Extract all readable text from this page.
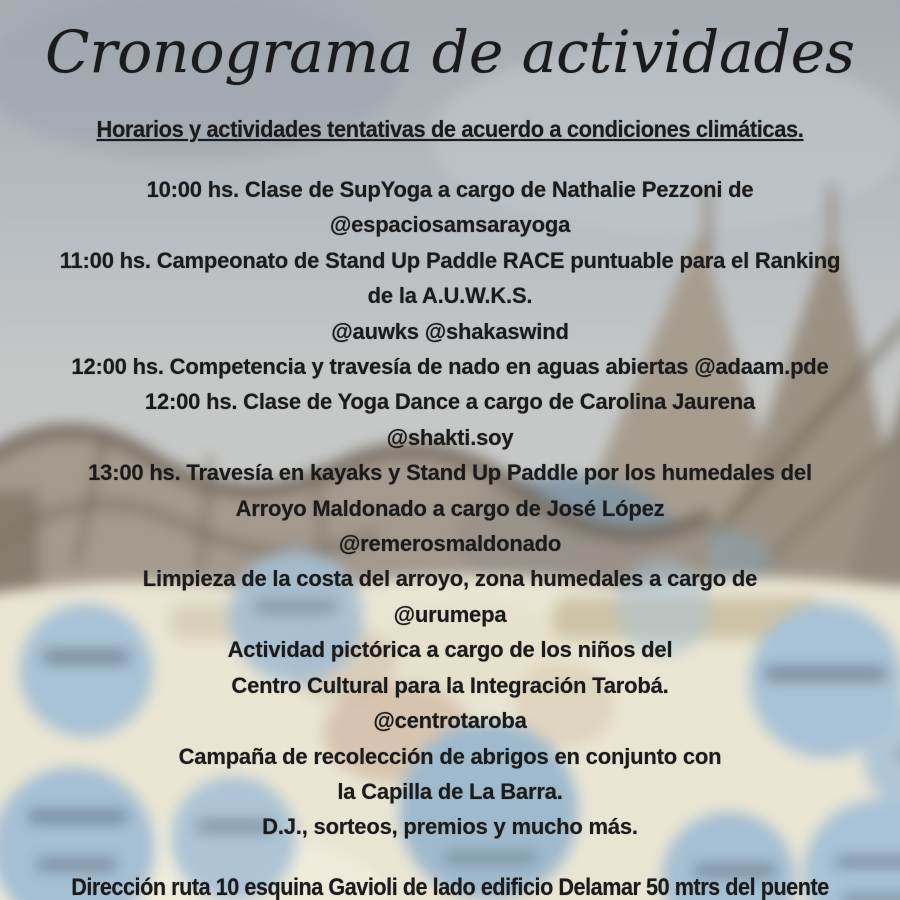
Cronograma de actividades
Horarios y actividades tentativas de acuerdo a condiciones climáticas.
10:00 hs. Clase de SupYoga a cargo de Nathalie Pezzoni de
@espaciosamsarayoga
11:00 hs. Campeonato de Stand Up Paddle RACE puntuable para el Ranking
de la A.U.W.K.S.
@auwks @shakaswind
12:00 hs. Competencia y travesía de nado en aguas abiertas @adaam.pde
12:00 hs. Clase de Yoga Dance a cargo de Carolina Jaurena
@shakti.soy
13:00 hs. Travesía en kayaks y Stand Up Paddle por los humedales del
Arroyo Maldonado a cargo de José López
@remerosmaldonado
Limpieza de la costa del arroyo, zona humedales a cargo de
@urumepa
Actividad pictórica a cargo de los niños del
Centro Cultural para la Integración Tarobá.
@centrotaroba
Campaña de recolección de abrigos en conjunto con
la Capilla de La Barra.
D.J., sorteos, premios y mucho más.
Dirección ruta 10 esquina Gavioli de lado edificio Delamar 50 mtrs del puente
